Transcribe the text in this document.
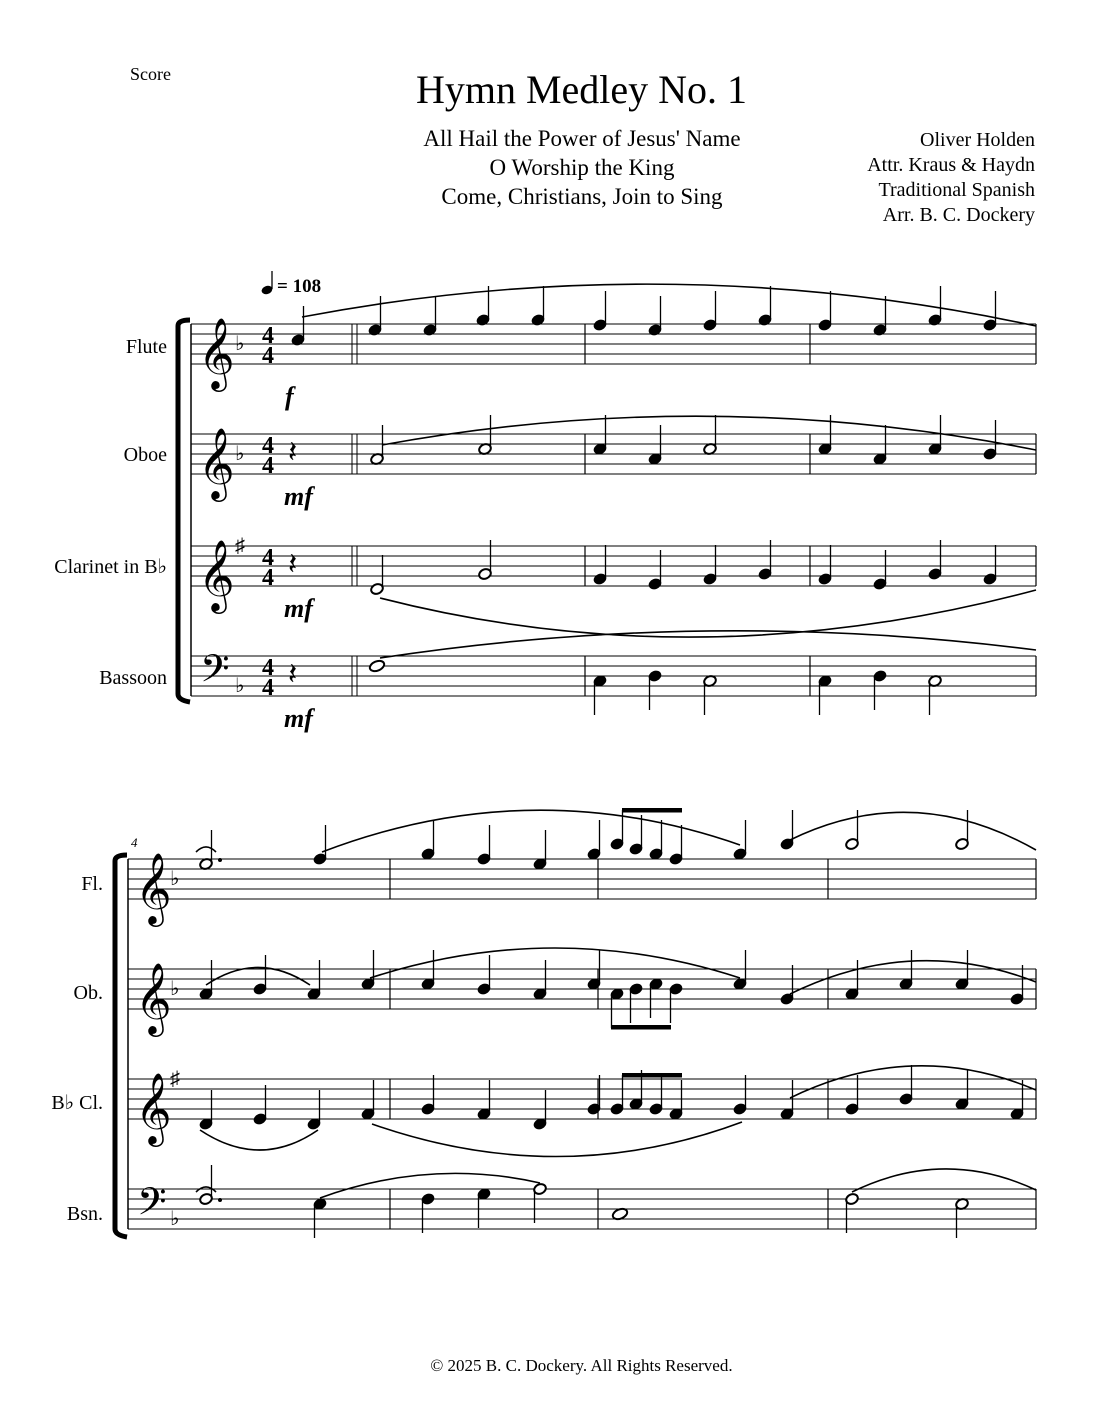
Score	Hymn Medley No. 1
All Hail the Power of Jesus' Name
O Worship the King
Come, Christians, Join to Sing
Oliver Holden
Attr. Kraus & Haydn
Traditional Spanish
Arr. B. C. Dockery
𝄞 4
4
𝄞 4
4
𝄞 4
4
𝄢 4
4
♭
♭
♯
♭
𝄽
𝄽
𝄽
𝄞
𝄞
𝄞
𝄢
♭
♭
♯
♭
= 108
Flute
Oboe
Clarinet in B♭
Bassoon
Fl.
Ob.
B♭ Cl.
Bsn.
f
mf
mf
mf
4
© 2025 B. C. Dockery. All Rights Reserved.
